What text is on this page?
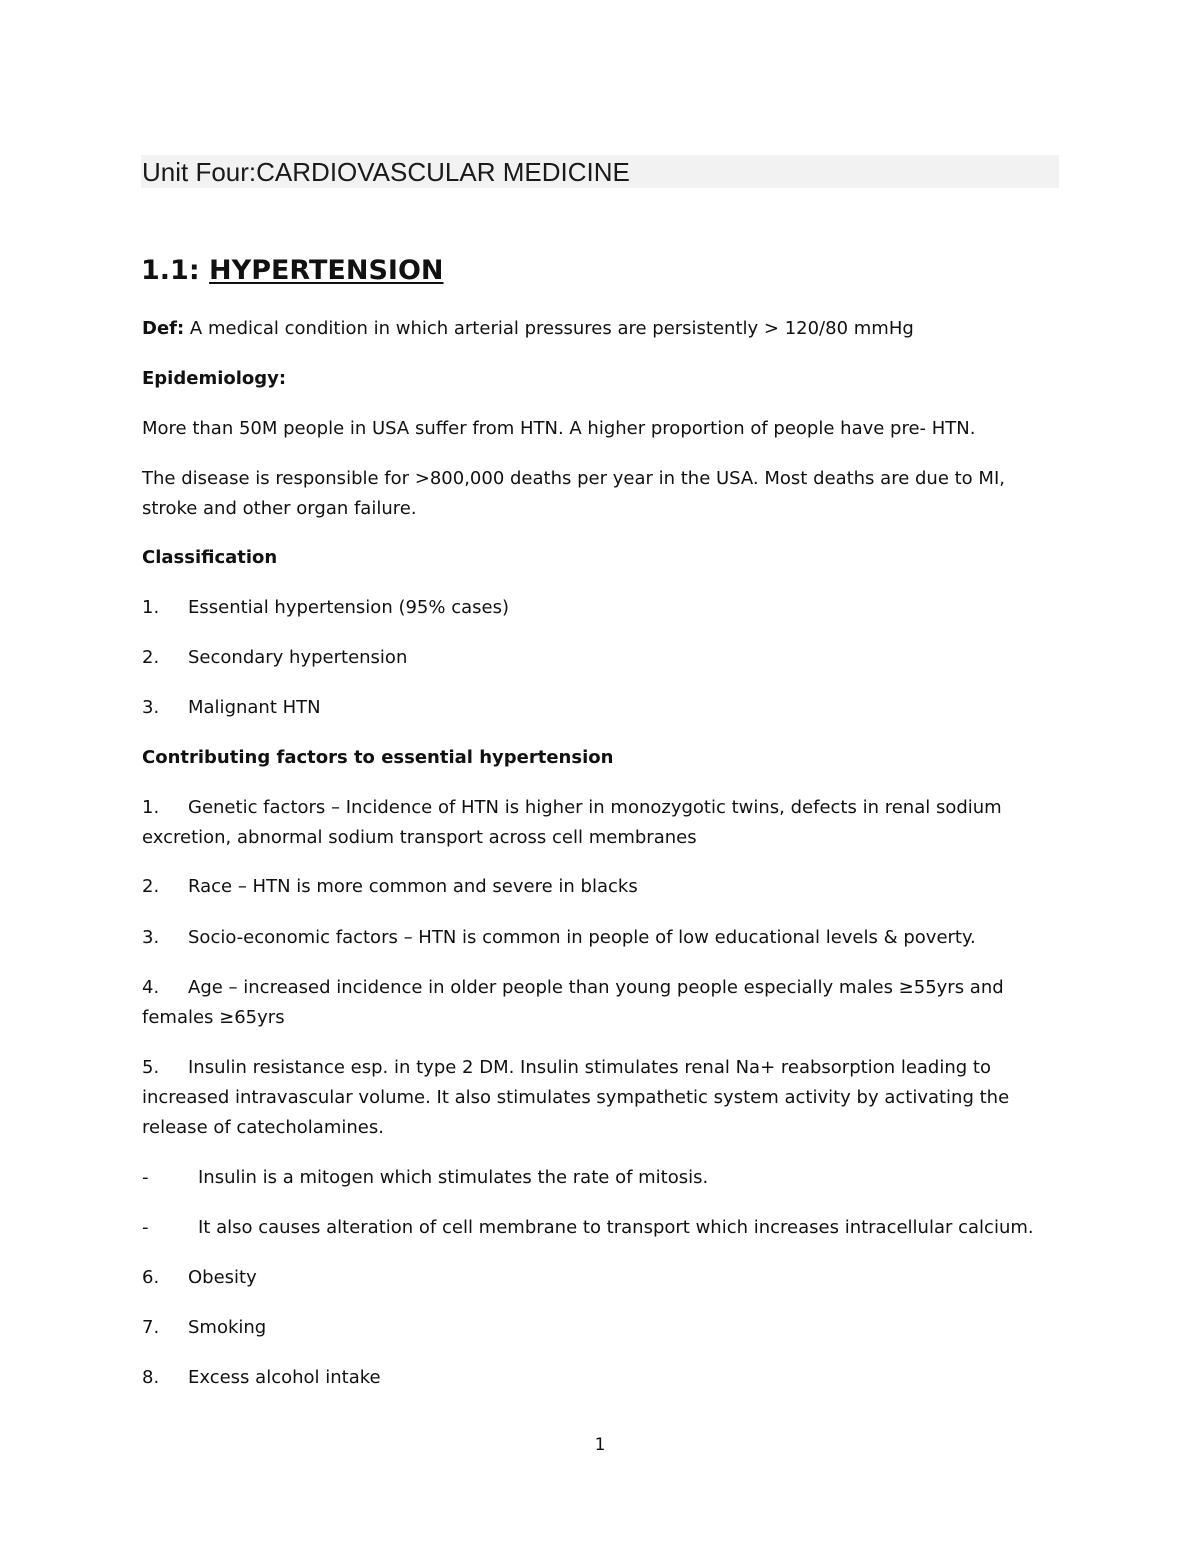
Unit Four:CARDIOVASCULAR MEDICINE
1.1: HYPERTENSION
Def: A medical condition in which arterial pressures are persistently > 120/80 mmHg
Epidemiology:
More than 50M people in USA suffer from HTN. A higher proportion of people have pre- HTN.
The disease is responsible for >800,000 deaths per year in the USA. Most deaths are due to MI, stroke and other organ failure.
Classification
1. Essential hypertension (95% cases)
2. Secondary hypertension
3. Malignant HTN
Contributing factors to essential hypertension
1. Genetic factors – Incidence of HTN is higher in monozygotic twins, defects in renal sodium excretion, abnormal sodium transport across cell membranes
2. Race – HTN is more common and severe in blacks
3. Socio-economic factors – HTN is common in people of low educational levels & poverty.
4. Age – increased incidence in older people than young people especially males ≥55yrs and females ≥65yrs
5. Insulin resistance esp. in type 2 DM. Insulin stimulates renal Na+ reabsorption leading to increased intravascular volume. It also stimulates sympathetic system activity by activating the release of catecholamines.
-	Insulin is a mitogen which stimulates the rate of mitosis.
-	It also causes alteration of cell membrane to transport which increases intracellular calcium.
6. Obesity
7. Smoking
8. Excess alcohol intake
1
